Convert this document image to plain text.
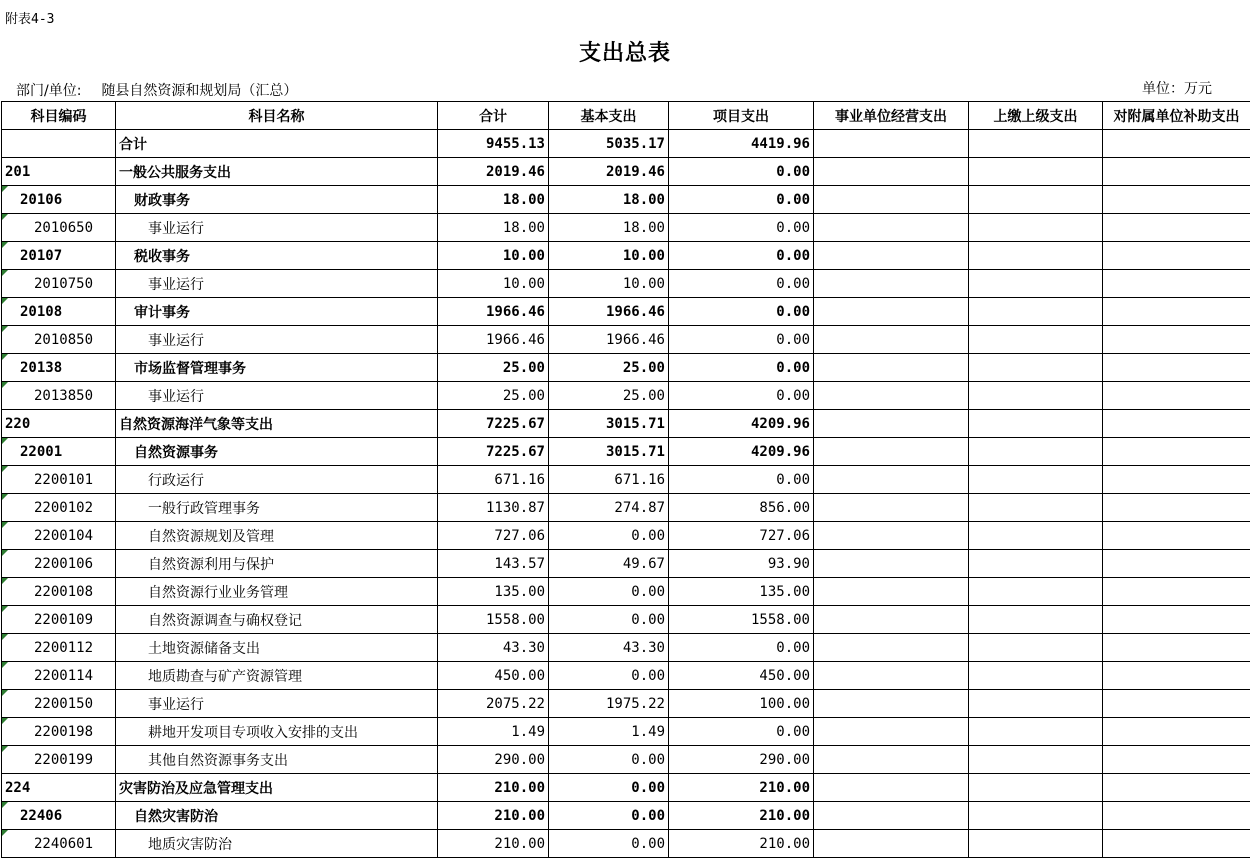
附表4-3
支出总表
部门/单位: 随县自然资源和规划局（汇总）	单位：万元
科目编码	科目名称	合计	基本支出	项目支出	事业单位经营支出	上缴上级支出	对附属单位补助支出
	合计	9455.13	5035.17	4419.96			
201	一般公共服务支出	2019.46	2019.46	0.00			
20106	财政事务	18.00	18.00	0.00			
2010650	事业运行	18.00	18.00	0.00			
20107	税收事务	10.00	10.00	0.00			
2010750	事业运行	10.00	10.00	0.00			
20108	审计事务	1966.46	1966.46	0.00			
2010850	事业运行	1966.46	1966.46	0.00			
20138	市场监督管理事务	25.00	25.00	0.00			
2013850	事业运行	25.00	25.00	0.00			
220	自然资源海洋气象等支出	7225.67	3015.71	4209.96			
22001	自然资源事务	7225.67	3015.71	4209.96			
2200101	行政运行	671.16	671.16	0.00			
2200102	一般行政管理事务	1130.87	274.87	856.00			
2200104	自然资源规划及管理	727.06	0.00	727.06			
2200106	自然资源利用与保护	143.57	49.67	93.90			
2200108	自然资源行业业务管理	135.00	0.00	135.00			
2200109	自然资源调查与确权登记	1558.00	0.00	1558.00			
2200112	土地资源储备支出	43.30	43.30	0.00			
2200114	地质勘查与矿产资源管理	450.00	0.00	450.00			
2200150	事业运行	2075.22	1975.22	100.00			
2200198	耕地开发项目专项收入安排的支出	1.49	1.49	0.00			
2200199	其他自然资源事务支出	290.00	0.00	290.00			
224	灾害防治及应急管理支出	210.00	0.00	210.00			
22406	自然灾害防治	210.00	0.00	210.00			
2240601	地质灾害防治	210.00	0.00	210.00			
